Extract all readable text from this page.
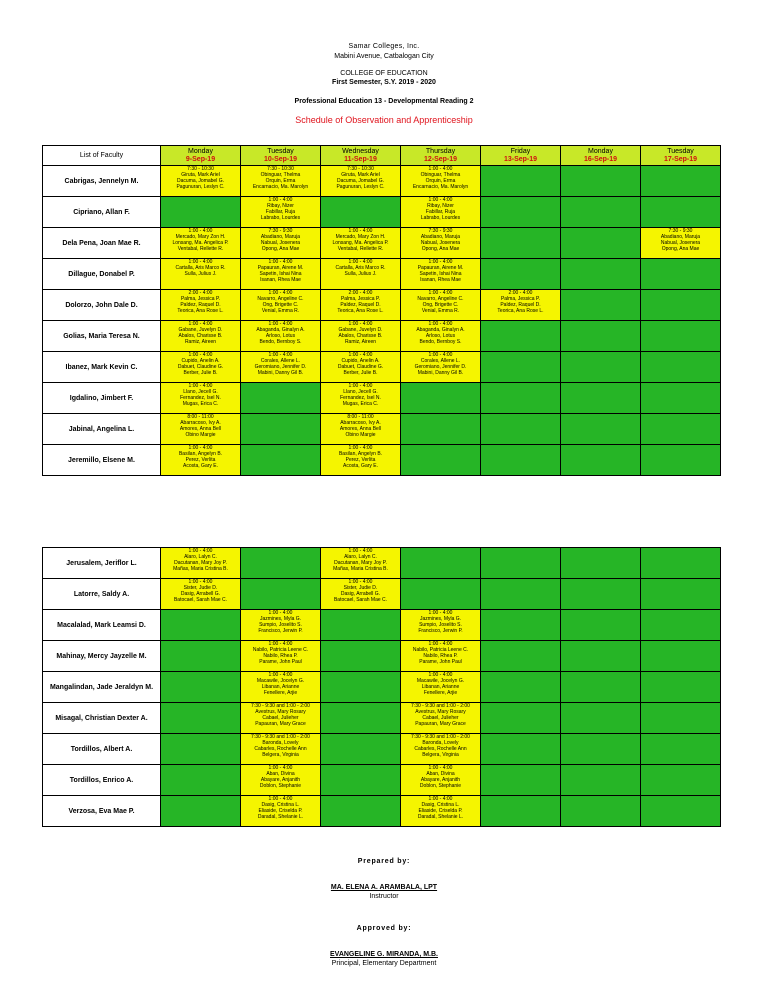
Samar Colleges, Inc.
Mabini Avenue, Catbalogan City
COLLEGE OF EDUCATION
First Semester, S.Y. 2019 - 2020
Professional Education 13 - Developmental Reading 2
Schedule of Observation and Apprenticeship
List of Faculty	Monday
9-Sep-19	Tuesday
10-Sep-19	Wednesday
11-Sep-19	Thursday
12-Sep-19	Friday
13-Sep-19	Monday
16-Sep-19	Tuesday
17-Sep-19

Cabrigas, Jennelyn M.	7:30 - 10:30
Giruta, Mark Ariel
Dacuma, Jomabel G.
Pagunuran, Leslyn C.	7:30 - 10:30
Obinguar, Thelma
Orquin, Erma
Encarnacio, Ma. Marolyn	7:30 - 10:30
Giruta, Mark Ariel
Dacuma, Jomabel G.
Pagunuran, Leslyn C.	1:00 - 4:00
Obinguar, Thelma
Orquin, Erma
Encarnacio, Ma. Marolyn			

Cipriano, Allan F.		1:00 - 4:00
Ribay, Nizer
Fabillar, Ruja
Labrabo, Lourdes		1:00 - 4:00
Ribay, Nizer
Fabillar, Ruja
Labrabo, Lourdes			

Dela Pena, Joan Mae R.	1:00 - 4:00
Mercado, Mary Zon H.
Lonsang, Ma. Angelica P.
Ventabal, Rellette R.	7:30 - 9:30
Abadiano, Maruja
Nabual, Josenera
Opong, Ana Mae	1:00 - 4:00
Mercado, Mary Zon H.
Lonsang, Ma. Angelica P.
Ventabal, Rellette R.	7:30 - 9:30
Abadiano, Maruja
Nabual, Josenera
Opong, Ana Mae			7:30 - 9:30
Abadiano, Maruja
Nabual, Josenera
Opong, Ana Mae

Dillague, Donabel P.	1:00 - 4:00
Cartalla, Aris Marco R.
Sulla, Julius J.	1:00 - 4:00
Papauran, Airene M.
Sapetin, Ishai Nina
Isanan, Rhea Mae	1:00 - 4:00
Cartalla, Aris Marco R.
Sulla, Julius J.	1:00 - 4:00
Papauran, Airene M.
Sapetin, Ishai Nina
Isanan, Rhea Mae			

Dolorzo, John Dale D.	2:00 - 4:00
Palma, Jessica P.
Paldez, Raquel D.
Teorica, Ana Rose L.	1:00 - 4:00
Navarro, Angeline C.
Ong, Brigette C.
Venial, Emma R.	2:00 - 4:00
Palma, Jessica P.
Paldez, Raquel D.
Teorica, Ana Rose L.	1:00 - 4:00
Navarro, Angeline C.
Ong, Brigette C.
Venial, Emma R.	2:00 - 4:00
Palma, Jessica P.
Paldez, Raquel D.
Teorica, Ana Rose L.		

Golias, Maria Teresa N.	1:00 - 4:00
Gabane, Juvelyn D.
Abalos, Charisse B.
Ramiz, Aireen	1:00 - 4:00
Abaganda, Ginalyn A.
Arloso, Lotus
Bendo, Bernboy S.	1:00 - 4:00
Gabane, Juvelyn D.
Abalos, Charisse B.
Ramiz, Aireen	1:00 - 4:00
Abaganda, Ginalyn A.
Arloso, Lotus
Bendo, Bernboy S.			

Ibanez, Mark Kevin C.	1:00 - 4:00
Cupido, Anelin A.
Dabuet, Claudine G.
Berber, Julie B.	1:00 - 4:00
Corales, Allene L.
Geromiano, Jennifer D.
Mabini, Danny Gil B.	1:00 - 4:00
Cupido, Anelin A.
Dabuet, Claudine G.
Berber, Julie B.	1:00 - 4:00
Corales, Allene L.
Geromiano, Jennifer D.
Mabini, Danny Gil B.			

Igdalino, Jimbert F.	1:00 - 4:00
Llano, Jecell G.
Fernandez, Isel N.
Mugas, Erica C.		1:00 - 4:00
Llano, Jecell G.
Fernandez, Isel N.
Mugas, Erica C.				

Jabinal, Angelina L.	8:00 - 11:00
Abarracoso, Ivy A.
Amores, Anna Bell
Obino Margie		8:00 - 11:00
Abarracoso, Ivy A.
Amores, Anna Bell
Obino Margie				

Jeremillo, Elsene M.	1:00 - 4:00
Basilan, Angelyn B.
Perez, Verlita
Acosta, Gary E.		1:00 - 4:00
Basilan, Angelyn B.
Perez, Verlita
Acosta, Gary E.				

Jerusalem, Jeriflor L.	1:00 - 4:00
Alaro, Lalyn C.
Dacutanan, Mary Joy P.
Mañas, Maria Cristina B.		1:00 - 4:00
Alaro, Lalyn C.
Dacutanan, Mary Joy P.
Mañas, Maria Cristina B.				

Latorre, Saldy A.	1:00 - 4:00
Sister, Judie D.
Dasig, Arrabell G.
Batocael, Sarah Mae C.		1:00 - 4:00
Sister, Judie D.
Dasig, Arrabell G.
Batocael, Sarah Mae C.				

Macalalad, Mark Leamsi D.		1:00 - 4:00
Jazmines, Myla G.
Sumpio, Joselito S.
Francisco, Jerwin P.		1:00 - 4:00
Jazmines, Myla G.
Sumpio, Joselito S.
Francisco, Jerwin P.			

Mahinay, Mercy Jayzelle M.		1:00 - 4:00
Nabilo, Patricia Leene C.
Nabilo, Rhea P.
Parame, John Paul		1:00 - 4:00
Nabilo, Patricia Leene C.
Nabilo, Rhea P.
Parame, John Paul			

Mangalindan, Jade Jeraldyn M.		1:00 - 4:00
Macawile, Jocelyn G.
Libanan, Arianne
Fenellere, Arjie		1:00 - 4:00
Macawile, Jocelyn G.
Libanan, Arianne
Fenellere, Arjie			

Misagal, Christian Dexter A.		7:30 - 9:30 and 1:00 - 2:00
Avestrus, Mary Rosary
Cabael, Julieher
Papauran, Mary Grace		7:30 - 9:30 and 1:00 - 2:00
Avestrus, Mary Rosary
Cabael, Julieher
Papauran, Mary Grace			

Tordillos, Albert A.		7:30 - 9:30 and 1:00 - 2:00
Baronda, Lovely
Cabarles, Rochelle Ann
Belgera, Virginia		7:30 - 9:30 and 1:00 - 2:00
Baronda, Lovely
Cabarles, Rochelle Ann
Belgera, Virginia			

Tordillos, Enrico A.		1:00 - 4:00
Aban, Divina
Abayare, Anjanith
Doblon, Stephanie		1:00 - 4:00
Aban, Divina
Abayare, Anjanith
Doblon, Stephanie			

Verzosa, Eva Mae P.		1:00 - 4:00
Dasig, Cristina L.
Eliaside, Criselda P.
Daradal, Shelanie L.		1:00 - 4:00
Dasig, Cristina L.
Eliaside, Criselda P.
Daradal, Shelanie L.			

Prepared by:
MA. ELENA A. ARAMBALA, LPT
Instructor
Approved by:
EVANGELINE G. MIRANDA, M.B.
Principal, Elementary Department
